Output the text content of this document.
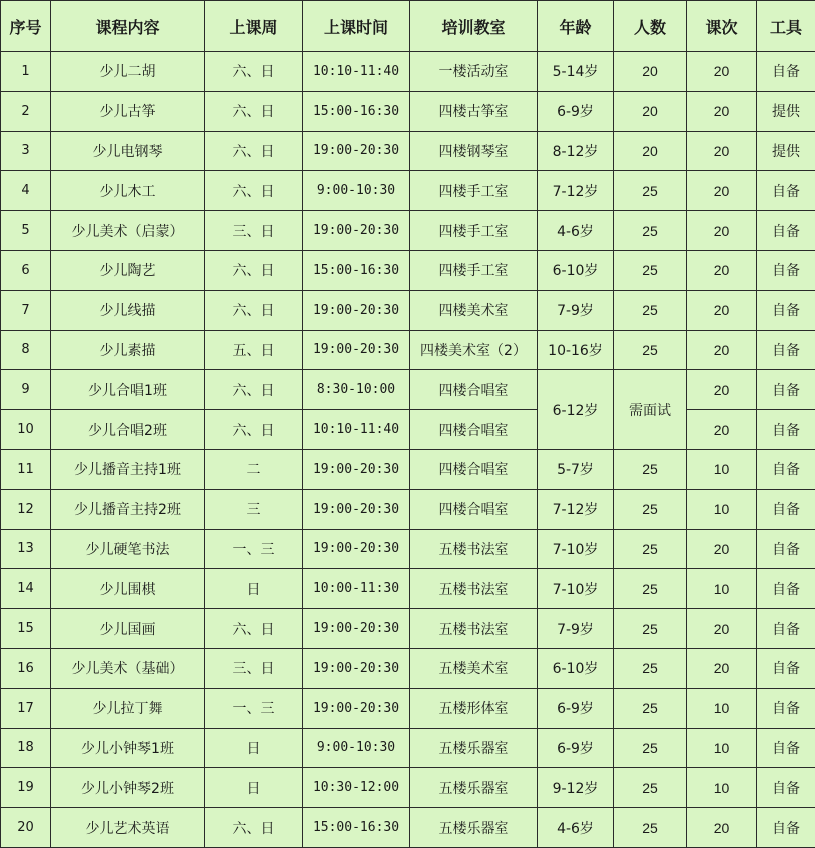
序号	课程内容	上课周	上课时间	培训教室	年龄	人数	课次	工具
1	少儿二胡	六、日	10:10-11:40	一楼活动室	5-14岁	20	20	自备
2	少儿古筝	六、日	15:00-16:30	四楼古筝室	6-9岁	20	20	提供
3	少儿电钢琴	六、日	19:00-20:30	四楼钢琴室	8-12岁	20	20	提供
4	少儿木工	六、日	9:00-10:30	四楼手工室	7-12岁	25	20	自备
5	少儿美术（启蒙）	三、日	19:00-20:30	四楼手工室	4-6岁	25	20	自备
6	少儿陶艺	六、日	15:00-16:30	四楼手工室	6-10岁	25	20	自备
7	少儿线描	六、日	19:00-20:30	四楼美术室	7-9岁	25	20	自备
8	少儿素描	五、日	19:00-20:30	四楼美术室（2）	10-16岁	25	20	自备
9	少儿合唱1班	六、日	8:30-10:00	四楼合唱室	6-12岁	需面试	20	自备
10	少儿合唱2班	六、日	10:10-11:40	四楼合唱室			20	自备
11	少儿播音主持1班	二	19:00-20:30	四楼合唱室	5-7岁	25	10	自备
12	少儿播音主持2班	三	19:00-20:30	四楼合唱室	7-12岁	25	10	自备
13	少儿硬笔书法	一、三	19:00-20:30	五楼书法室	7-10岁	25	20	自备
14	少儿围棋	日	10:00-11:30	五楼书法室	7-10岁	25	10	自备
15	少儿国画	六、日	19:00-20:30	五楼书法室	7-9岁	25	20	自备
16	少儿美术（基础）	三、日	19:00-20:30	五楼美术室	6-10岁	25	20	自备
17	少儿拉丁舞	一、三	19:00-20:30	五楼形体室	6-9岁	25	10	自备
18	少儿小钟琴1班	日	9:00-10:30	五楼乐器室	6-9岁	25	10	自备
19	少儿小钟琴2班	日	10:30-12:00	五楼乐器室	9-12岁	25	10	自备
20	少儿艺术英语	六、日	15:00-16:30	五楼乐器室	4-6岁	25	20	自备
